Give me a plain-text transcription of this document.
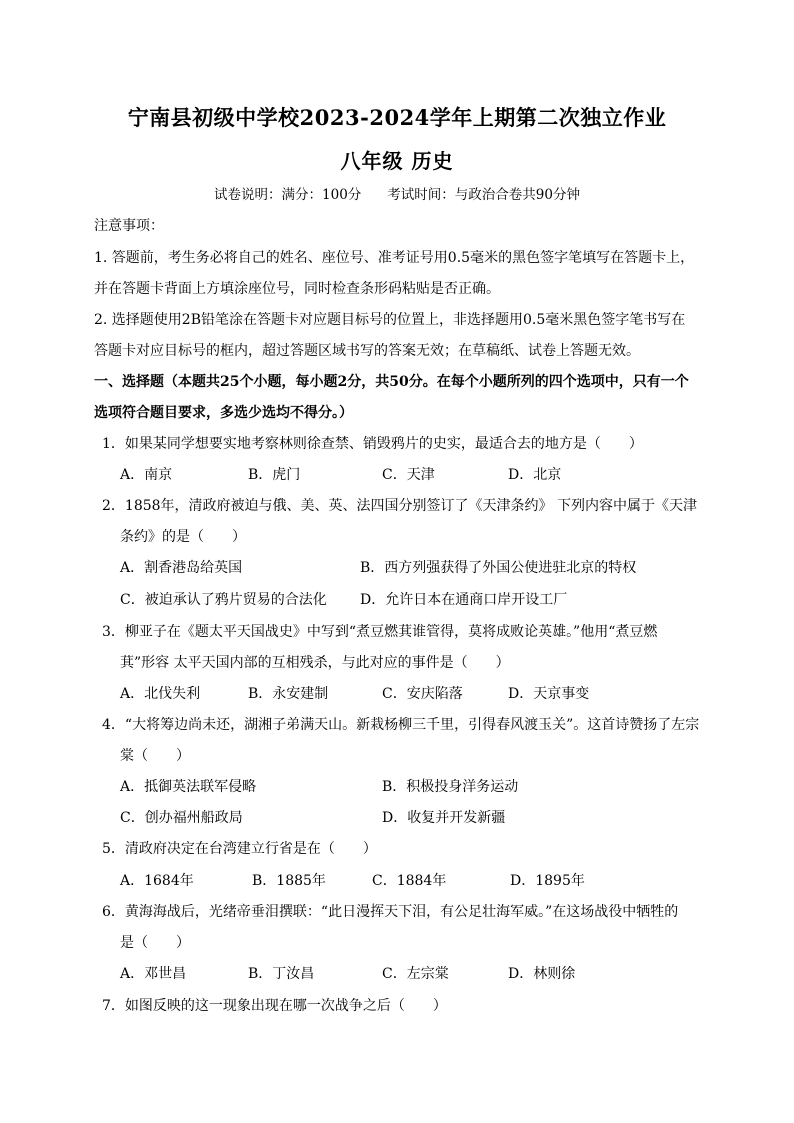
宁南县初级中学校2023-2024学年上期第二次独立作业
八年级 历史
试卷说明：满分：100分 考试时间：与政治合卷共90分钟
注意事项：
1. 答题前，考生务必将自己的姓名、座位号、准考证号用0.5毫米的黑色签字笔填写在答题卡上，
并在答题卡背面上方填涂座位号，同时检查条形码粘贴是否正确。
2. 选择题使用2B铅笔涂在答题卡对应题目标号的位置上，非选择题用0.5毫米黑色签字笔书写在
答题卡对应目标号的框内，超过答题区域书写的答案无效；在草稿纸、试卷上答题无效。
一、选择题（本题共25个小题，每小题2分，共50分。在每个小题所列的四个选项中，只有一个
选项符合题目要求，多选少选均不得分。）
1．如果某同学想要实地考察林则徐查禁、销毁鸦片的史实，最适合去的地方是（　　）
A．南京	B．虎门	C．天津	D．北京
2．1858年，清政府被迫与俄、美、英、法四国分别签订了《天津条约》 下列内容中属于《天津
条约》的是（　　）
A．割香港岛给英国	B．西方列强获得了外国公使进驻北京的特权
C．被迫承认了鸦片贸易的合法化 D．允许日本在通商口岸开设工厂
3．柳亚子在《题太平天国战史》中写到“煮豆燃萁谁管得，莫将成败论英雄。”他用“煮豆燃
萁”形容 太平天国内部的互相残杀，与此对应的事件是（　　）
A．北伐失利	B．永安建制	C．安庆陷落	D．天京事变
4．“大将筹边尚未还，湖湘子弟满天山。新栽杨柳三千里，引得春风渡玉关”。这首诗赞扬了左宗
棠（　　）
A．抵御英法联军侵略	B．积极投身洋务运动
C．创办福州船政局	D．收复并开发新疆
5．清政府决定在台湾建立行省是在（　　）
A．1684年	B．1885年	C．1884年	D．1895年
6．黄海海战后，光绪帝垂泪撰联：“此日漫挥天下泪，有公足壮海军威。”在这场战役中牺牲的
是（　　）
A．邓世昌	B．丁汝昌	C．左宗棠	D．林则徐
7．如图反映的这一现象出现在哪一次战争之后（　　）
